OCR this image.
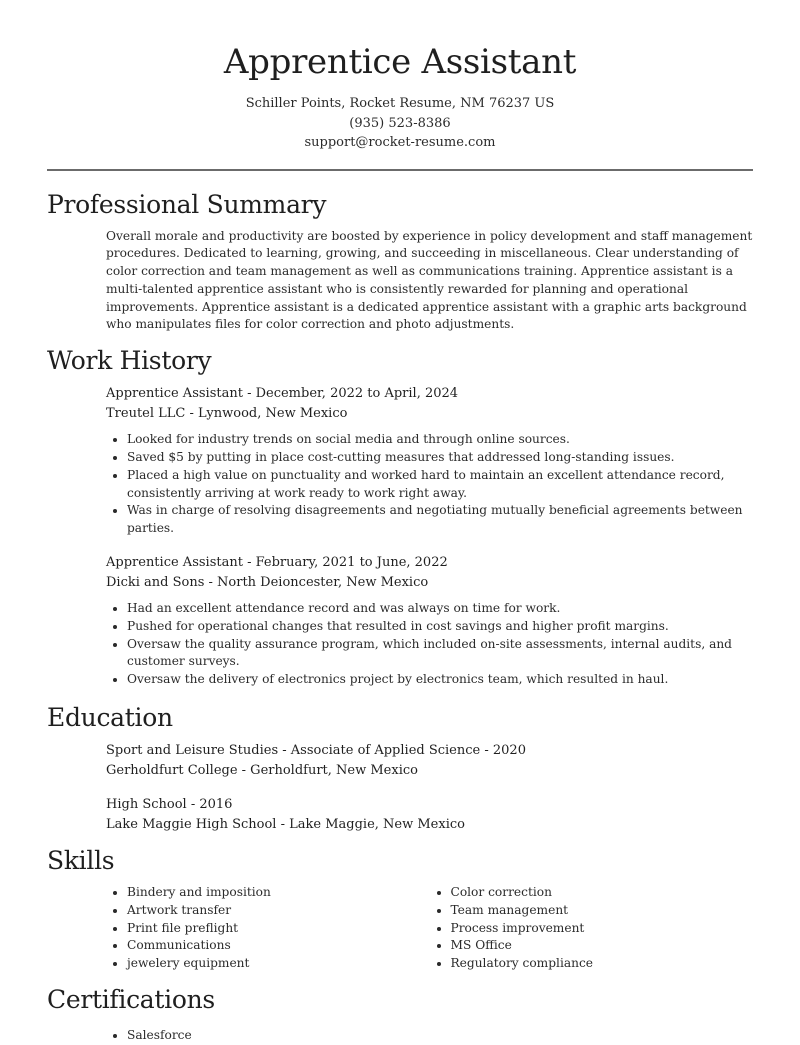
Apprentice Assistant
Schiller Points, Rocket Resume, NM 76237 US
(935) 523-8386
support@rocket-resume.com
Professional Summary

Overall morale and productivity are boosted by experience in policy development and staff management procedures. Dedicated to learning, growing, and succeeding in miscellaneous. Clear understanding of color correction and team management as well as communications training. Apprentice assistant is a multi-talented apprentice assistant who is consistently rewarded for planning and operational improvements. Apprentice assistant is a dedicated apprentice assistant with a graphic arts background who manipulates files for color correction and photo adjustments.

Work History
Apprentice Assistant - December, 2022 to April, 2024
Treutel LLC - Lynwood, New Mexico
• Looked for industry trends on social media and through online sources.
• Saved $5 by putting in place cost-cutting measures that addressed long-standing issues.
• Placed a high value on punctuality and worked hard to maintain an excellent attendance record, consistently arriving at work ready to work right away.
• Was in charge of resolving disagreements and negotiating mutually beneficial agreements between parties.
Apprentice Assistant - February, 2021 to June, 2022
Dicki and Sons - North Deioncester, New Mexico
• Had an excellent attendance record and was always on time for work.
• Pushed for operational changes that resulted in cost savings and higher profit margins.
• Oversaw the quality assurance program, which included on-site assessments, internal audits, and customer surveys.
• Oversaw the delivery of electronics project by electronics team, which resulted in haul.
Education
Sport and Leisure Studies - Associate of Applied Science - 2020
Gerholdfurt College - Gerholdfurt, New Mexico
High School - 2016
Lake Maggie High School - Lake Maggie, New Mexico
Skills
• Bindery and imposition
• Artwork transfer
• Print file preflight
• Communications
• jewelery equipment
• Color correction
• Team management
• Process improvement
• MS Office
• Regulatory compliance
Certifications
• Salesforce
